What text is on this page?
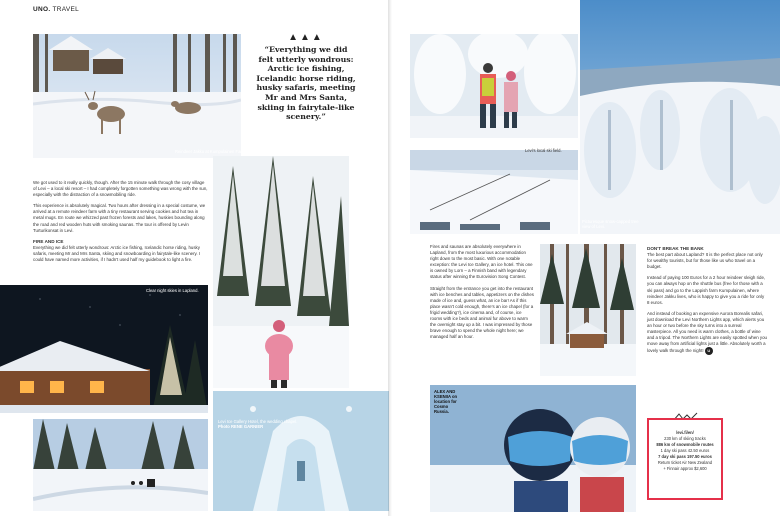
UNO. TRAVEL
Reindeer Jakku at Kumpulainen Farm.
▲▲▲
“Everything we did felt utterly wondrous: Arctic ice fishing, Icelandic horse riding, husky safaris, meeting Mr and Mrs Santa, skiing in fairytale-like scenery.”

We got used to it really quickly, though. After the 15 minute walk through the cosy village of Levi – a local ski resort – I had completely forgotten something was wrong with the sun, especially with the distraction of a snowmobiling ride.

This experience is absolutely magical. Two hours after dressing in a special costume, we arrived at a remote reindeer farm with a tiny restaurant serving cookies and hot tea in metal mugs. En route we whizzed past frozen forests and lakes, huskies bounding along the road and red wooden huts with smoking saunas. The tour is offered by Levin Turturikonsat in Levi.

FIRE AND ICE

Everything we did felt utterly wondrous: Arctic ice fishing, Icelandic horse riding, husky safaris, meeting Mr and Mrs Santa, skiing and snowboarding in fairytale-like scenery. I could have named more activities, if I hadn't used half my guidebook to light a fire.

Clear night skies in Lapland.
Levi Ice Gallery Hotel, the wedding chapel.
Photo RENE GARNIER
Levi's local ski field.
Picturesque snow-capped tree view of Levi.

Fires and saunas are absolutely everywhere in Lapland, from the most luxurious accommodation right down to the most basic. With one notable exception: the Levi Ice Gallery, an ice hotel. This one is owned by Lorn – a Finnish band with legendary status after winning the Eurovision Song Contest.

Straight from the entrance you get into the restaurant with ice benches and tables, appetizers on the dishes made of ice and, guess what, an ice bar! As if this place wasn't cold enough, there's an ice chapel (for a frigid wedding?), ice cinema and, of course, ice rooms with ice beds and animal fur above to warm the overnight stay up a bit. I was impressed by those brave enough to spend the whole night here; we managed half an hour.

ALEX AND KSENIIA on location for Cosmo Russia.
DON'T BREAK THE BANK

The best part about Lapland? It is the perfect place not only for wealthy tourists, but for those like us who travel on a budget.

Instead of paying 100 Euros for a 2 hour reindeer sleigh ride, you can always hop on the shuttle bus (free for those with a ski pass) and go to the Lappish farm Kumpulainen, where reindeer Jakku lives, who is happy to give you a ride for only 8 euros.

And instead of booking an expensive Aurora Borealis safari, just download the Levi Northern Lights app, which alerts you an hour or two before the sky turns into a surreal masterpiece. All you need is warm clothes, a bottle of wine and a tripod. The Northern Lights are easily spotted when you move away from artificial lights just a little. Absolutely worth a lovely walk through the night! U

levi.fi/en/
230 km of skiing tracks
886 km of snowmobile routes
1 day ski pass 42.50 euros
7 day ski pass 197.50 euros
Return ticket Air New Zealand
+ Finnair approx $2,600
